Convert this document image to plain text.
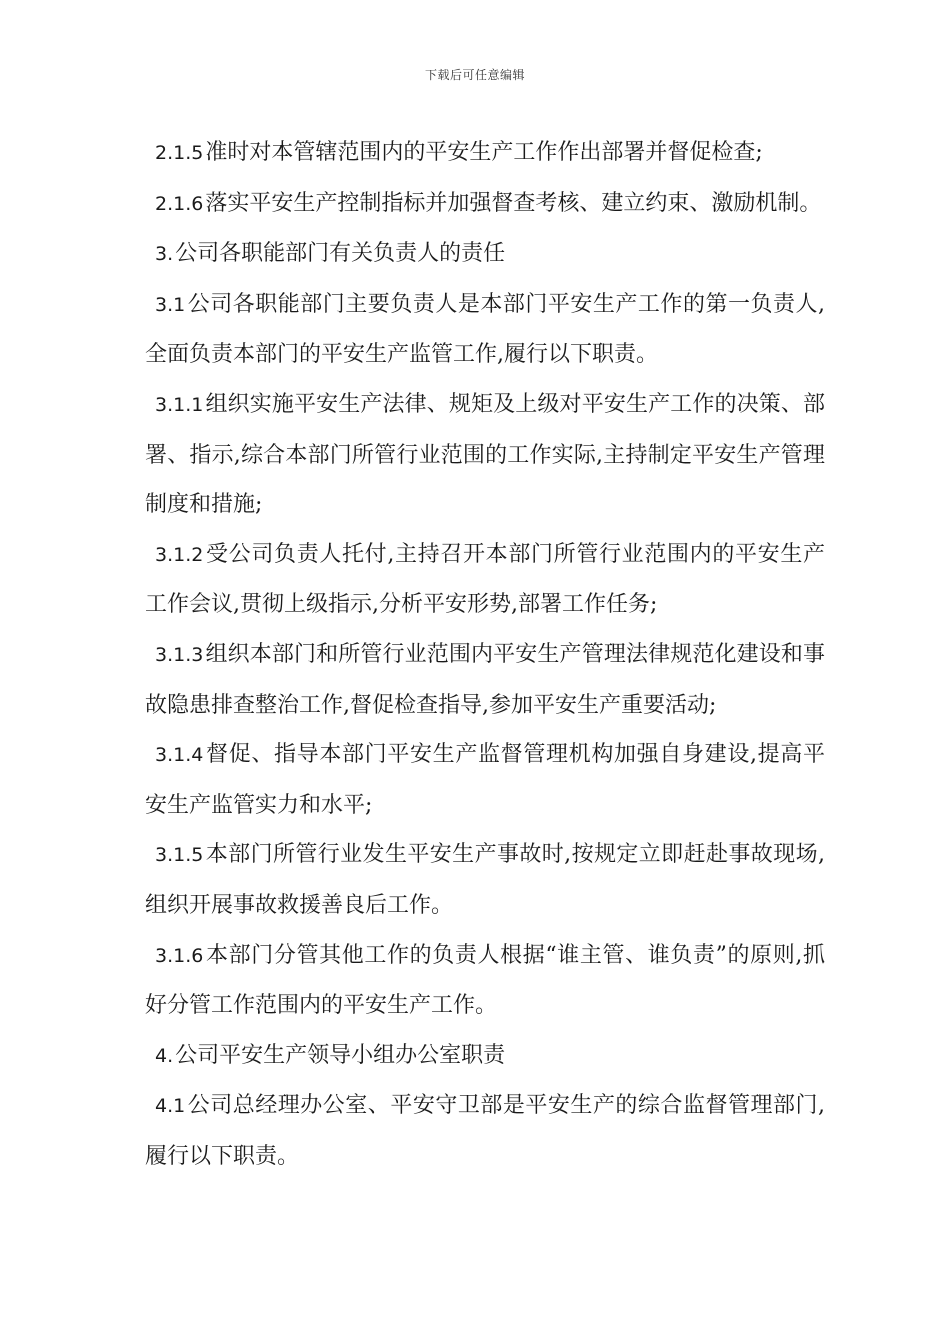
下载后可任意编辑

2.1.5准时对本管辖范围内的平安生产工作作出部署并督促检查;

2.1.6落实平安生产控制指标并加强督查考核、建立约束、激励机制。

3.公司各职能部门有关负责人的责任

3.1公司各职能部门主要负责人是本部门平安生产工作的第一负责人,全面负责本部门的平安生产监管工作,履行以下职责。

3.1.1组织实施平安生产法律、规矩及上级对平安生产工作的决策、部署、指示,综合本部门所管行业范围的工作实际,主持制定平安生产管理制度和措施;

3.1.2受公司负责人托付,主持召开本部门所管行业范围内的平安生产工作会议,贯彻上级指示,分析平安形势,部署工作任务;

3.1.3组织本部门和所管行业范围内平安生产管理法律规范化建设和事故隐患排查整治工作,督促检查指导,参加平安生产重要活动;

3.1.4督促、指导本部门平安生产监督管理机构加强自身建设,提高平安生产监管实力和水平;

3.1.5本部门所管行业发生平安生产事故时,按规定立即赶赴事故现场,组织开展事故救援善良后工作。

3.1.6本部门分管其他工作的负责人根据“谁主管、谁负责”的原则,抓好分管工作范围内的平安生产工作。

4.公司平安生产领导小组办公室职责

4.1公司总经理办公室、平安守卫部是平安生产的综合监督管理部门,履行以下职责。
